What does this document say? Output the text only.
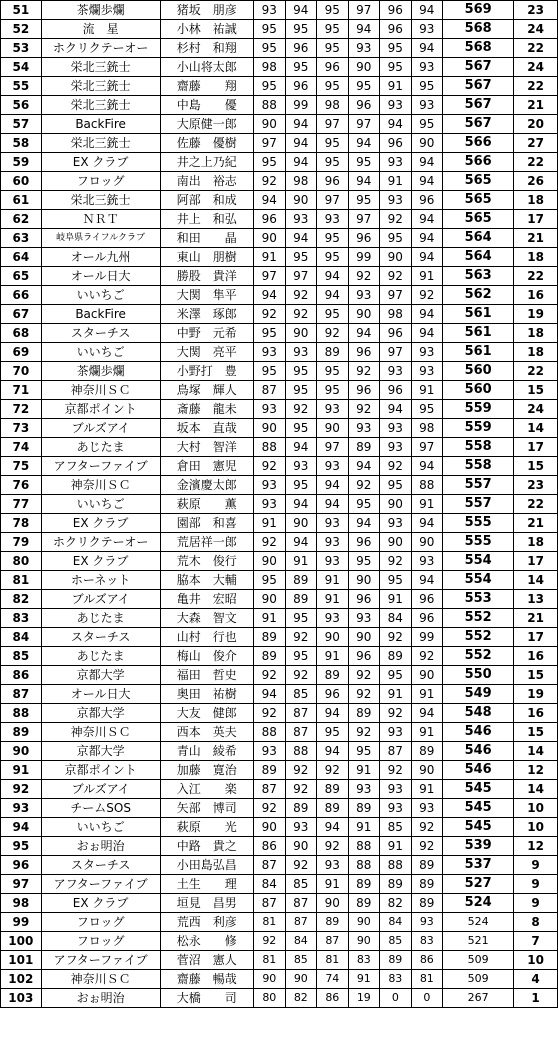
51	茶爛歩爛	猪坂　朋彦	93	94	95	97	96	94	569	23
52	流　星	小林　祐誠	95	95	95	94	96	93	568	24
53	ホクリクテーオー	杉村　和翔	95	96	95	93	95	94	568	22
54	栄北三銃士	小山将太郎	98	95	96	90	95	93	567	24
55	栄北三銃士	齋藤　　翔	95	96	95	95	91	95	567	22
56	栄北三銃士	中島　　優	88	99	98	96	93	93	567	21
57	BackFire	大原健一郎	90	94	97	97	94	95	567	20
58	栄北三銃士	佐藤　優樹	97	94	95	94	96	90	566	27
59	EX クラブ	井之上乃紀	95	94	95	95	93	94	566	22
60	フロッグ	南出　裕志	92	98	96	94	91	94	565	26
61	栄北三銃士	阿部　和成	94	90	97	95	93	96	565	18
62	ＮＲＴ	井上　和弘	96	93	93	97	92	94	565	17
63	岐阜県ライフルクラブ	和田　　晶	90	94	95	96	95	94	564	21
64	オール九州	東山　朋樹	91	95	95	99	90	94	564	18
65	オール日大	勝股　貴洋	97	97	94	92	92	91	563	22
66	いいちご	大関　隼平	94	92	94	93	97	92	562	16
67	BackFire	米澤　琢郎	92	92	95	90	98	94	561	19
68	スターチス	中野　元希	95	90	92	94	96	94	561	18
69	いいちご	大関　亮平	93	93	89	96	97	93	561	18
70	茶爛歩爛	小野打　豊	95	95	95	92	93	93	560	22
71	神奈川ＳＣ	鳥塚　輝人	87	95	95	96	96	91	560	15
72	京都ポイント	斎藤　龍未	93	92	93	92	94	95	559	24
73	ブルズアイ	坂本　直哉	90	95	90	93	93	98	559	14
74	あじたま	大村　智洋	88	94	97	89	93	97	558	17
75	アフターファイブ	倉田　憲児	92	93	93	94	92	94	558	15
76	神奈川ＳＣ	金濱慶太郎	93	95	94	92	95	88	557	23
77	いいちご	萩原　　薫	93	94	94	95	90	91	557	22
78	EX クラブ	園部　和喜	91	90	93	94	93	94	555	21
79	ホクリクテーオー	荒居祥一郎	92	94	93	96	90	90	555	18
80	EX クラブ	荒木　俊行	90	91	93	95	92	93	554	17
81	ホーネット	脇本　大輔	95	89	91	90	95	94	554	14
82	ブルズアイ	亀井　宏昭	90	89	91	96	91	96	553	13
83	あじたま	大森　智文	91	95	93	93	84	96	552	21
84	スターチス	山村　行也	89	92	90	90	92	99	552	17
85	あじたま	梅山　俊介	89	95	91	96	89	92	552	16
86	京都大学	福田　哲史	92	92	89	92	95	90	550	15
87	オール日大	奥田　祐樹	94	85	96	92	91	91	549	19
88	京都大学	大友　健郎	92	87	94	89	92	94	548	16
89	神奈川ＳＣ	西本　英夫	88	87	95	92	93	91	546	15
90	京都大学	青山　綾希	93	88	94	95	87	89	546	14
91	京都ポイント	加藤　寛治	89	92	92	91	92	90	546	12
92	ブルズアイ	入江　　楽	87	92	89	93	93	91	545	14
93	チームSOS	矢部　博司	92	89	89	89	93	93	545	10
94	いいちご	萩原　　光	90	93	94	91	85	92	545	10
95	おぉ明治	中路　貴之	86	90	92	88	91	92	539	12
96	スターチス	小田島弘昌	87	92	93	88	88	89	537	9
97	アフターファイブ	土生　　理	84	85	91	89	89	89	527	9
98	EX クラブ	垣見　昌男	87	87	90	89	82	89	524	9
99	フロッグ	荒西　利彦	81	87	89	90	84	93	524	8
100	フロッグ	松永　　修	92	84	87	90	85	83	521	7
101	アフターファイブ	菅沼　憲人	81	85	81	83	89	86	509	10
102	神奈川ＳＣ	齋藤　暢哉	90	90	74	91	83	81	509	4
103	おぉ明治	大橋　　司	80	82	86	19	0	0	267	1
